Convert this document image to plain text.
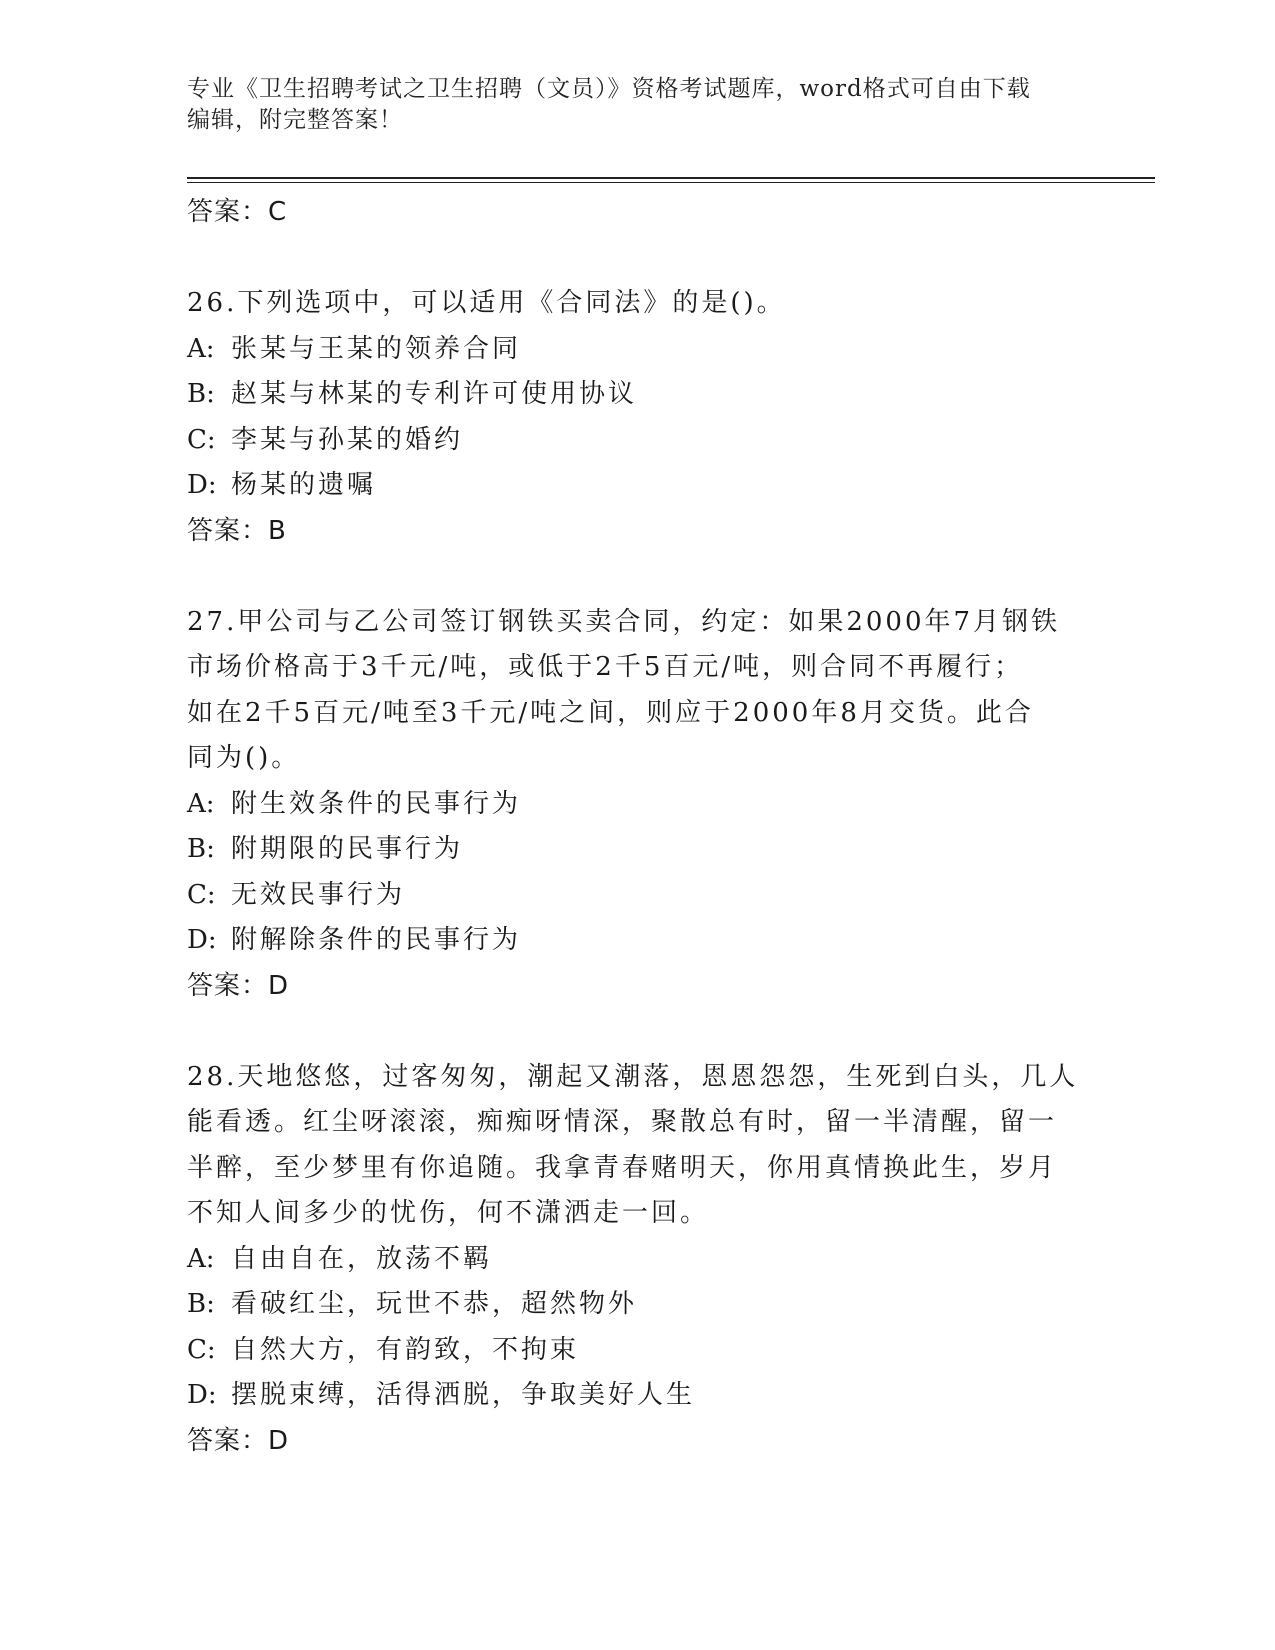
专业《卫生招聘考试之卫生招聘（文员）》资格考试题库，word格式可自由下载
编辑，附完整答案！

答案：C

26.下列选项中，可以适用《合同法》的是()。

A: 张某与王某的领养合同

B: 赵某与林某的专利许可使用协议

C: 李某与孙某的婚约

D: 杨某的遗嘱

答案：B

27.甲公司与乙公司签订钢铁买卖合同，约定：如果2000年7月钢铁

市场价格高于3千元/吨，或低于2千5百元/吨，则合同不再履行；

如在2千5百元/吨至3千元/吨之间，则应于2000年8月交货。此合

同为()。

A: 附生效条件的民事行为

B: 附期限的民事行为

C: 无效民事行为

D: 附解除条件的民事行为

答案：D

28.天地悠悠，过客匆匆，潮起又潮落，恩恩怨怨，生死到白头，几人

能看透。红尘呀滚滚，痴痴呀情深，聚散总有时，留一半清醒，留一

半醉，至少梦里有你追随。我拿青春赌明天，你用真情换此生，岁月

不知人间多少的忧伤，何不潇洒走一回。

A: 自由自在，放荡不羁

B: 看破红尘，玩世不恭，超然物外

C: 自然大方，有韵致，不拘束

D: 摆脱束缚，活得洒脱，争取美好人生

答案：D
